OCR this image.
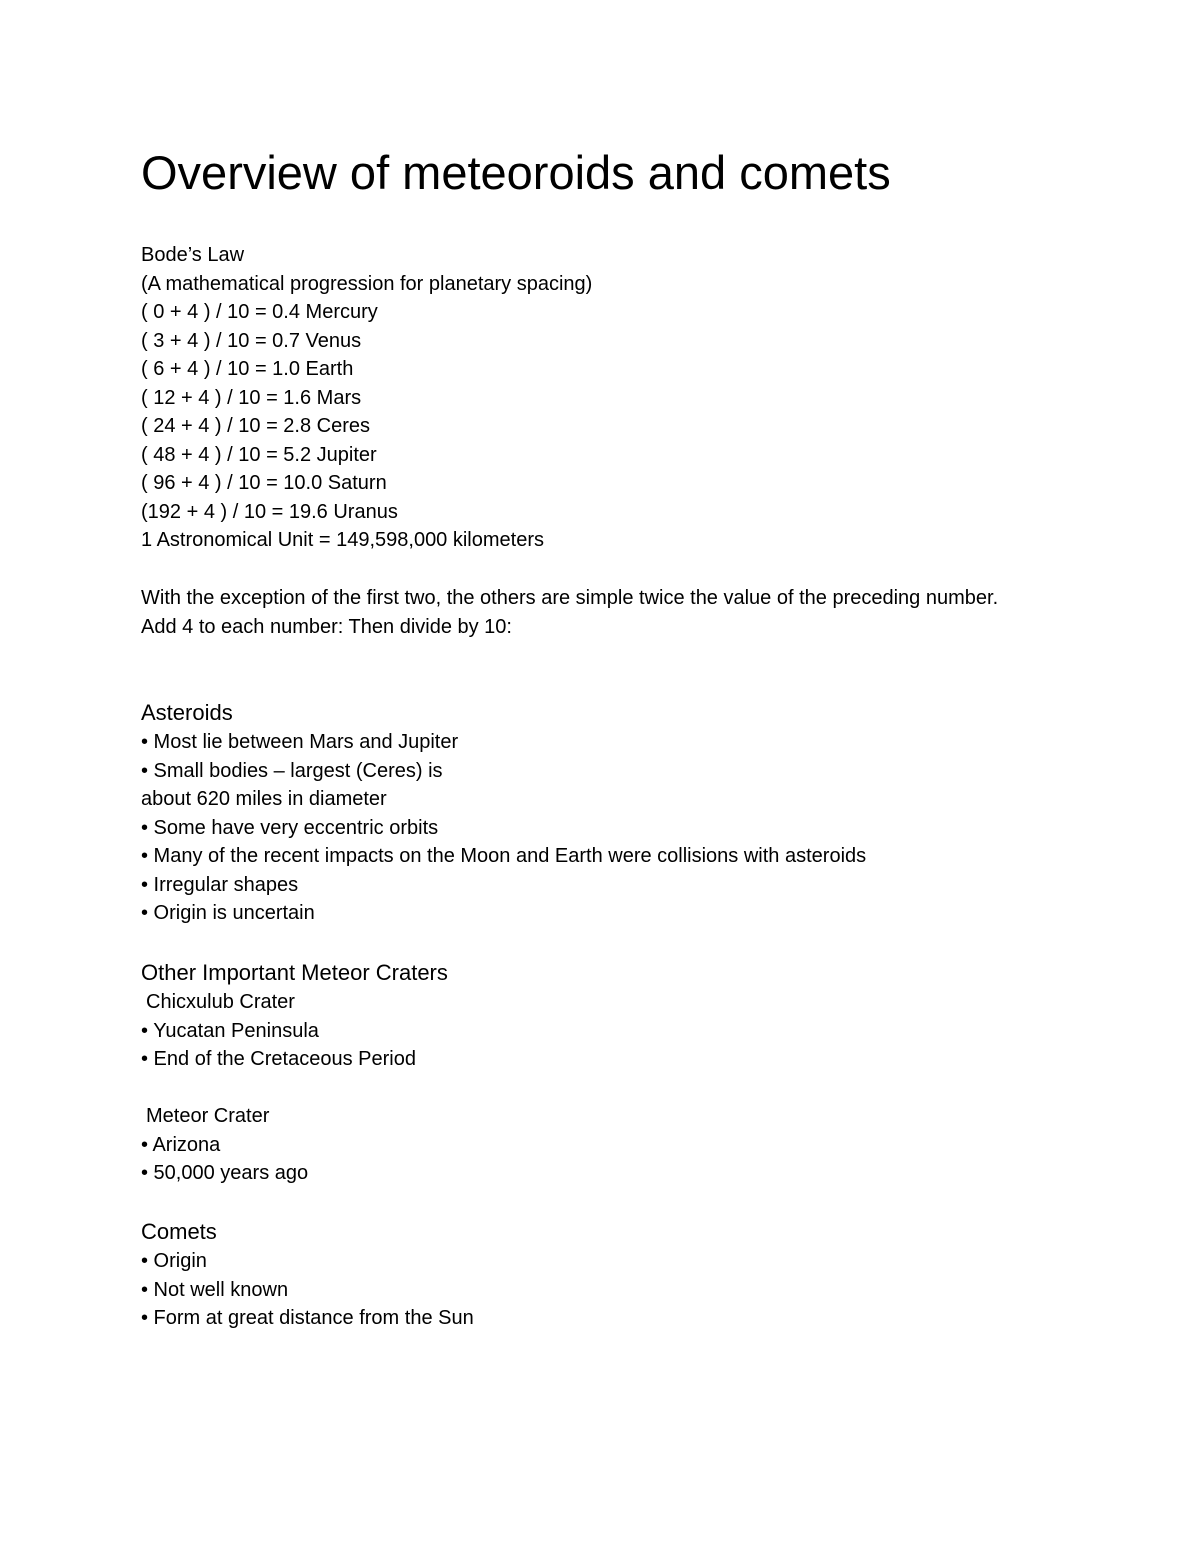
Overview of meteoroids and comets
Bode’s Law
(A mathematical progression for planetary spacing)
( 0 + 4 ) / 10 = 0.4 Mercury
( 3 + 4 ) / 10 = 0.7 Venus
( 6 + 4 ) / 10 = 1.0 Earth
( 12 + 4 ) / 10 = 1.6 Mars
( 24 + 4 ) / 10 = 2.8 Ceres
( 48 + 4 ) / 10 = 5.2 Jupiter
( 96 + 4 ) / 10 = 10.0 Saturn
(192 + 4 ) / 10 = 19.6 Uranus
1 Astronomical Unit = 149,598,000 kilometers
With the exception of the first two, the others are simple twice the value of the preceding number.
Add 4 to each number: Then divide by 10:
Asteroids
• Most lie between Mars and Jupiter
• Small bodies – largest (Ceres) is
about 620 miles in diameter
• Some have very eccentric orbits
• Many of the recent impacts on the Moon and Earth were collisions with asteroids
• Irregular shapes
• Origin is uncertain
Other Important Meteor Craters
Chicxulub Crater
• Yucatan Peninsula
• End of the Cretaceous Period
Meteor Crater
• Arizona
• 50,000 years ago
Comets
• Origin
• Not well known
• Form at great distance from the Sun
